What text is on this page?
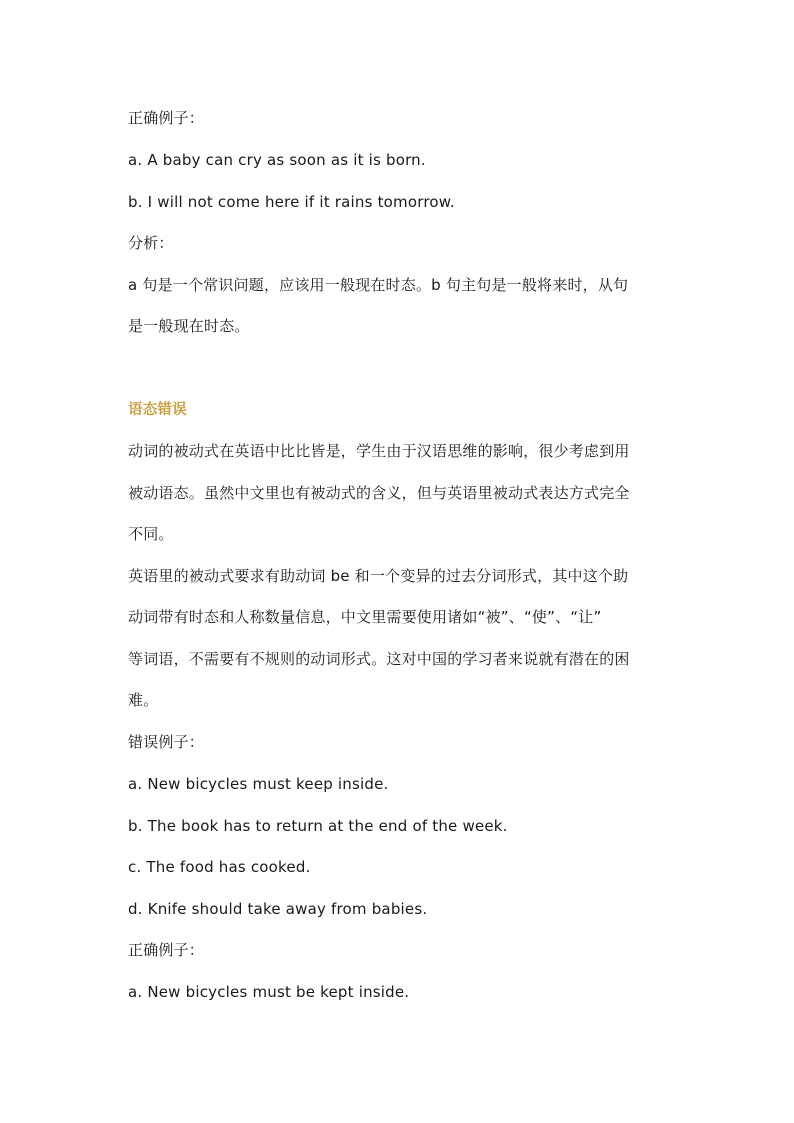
正确例子：
a. A baby can cry as soon as it is born.
b. I will not come here if it rains tomorrow.
分析：
a 句是一个常识问题，应该用一般现在时态。b 句主句是一般将来时，从句
是一般现在时态。
语态错误
动词的被动式在英语中比比皆是，学生由于汉语思维的影响，很少考虑到用
被动语态。虽然中文里也有被动式的含义，但与英语里被动式表达方式完全
不同。
英语里的被动式要求有助动词 be 和一个变异的过去分词形式，其中这个助
动词带有时态和人称数量信息，中文里需要使用诸如“被”、“使”、“让”
等词语，不需要有不规则的动词形式。这对中国的学习者来说就有潜在的困
难。
错误例子：
a. New bicycles must keep inside.
b. The book has to return at the end of the week.
c. The food has cooked.
d. Knife should take away from babies.
正确例子：
a. New bicycles must be kept inside.
